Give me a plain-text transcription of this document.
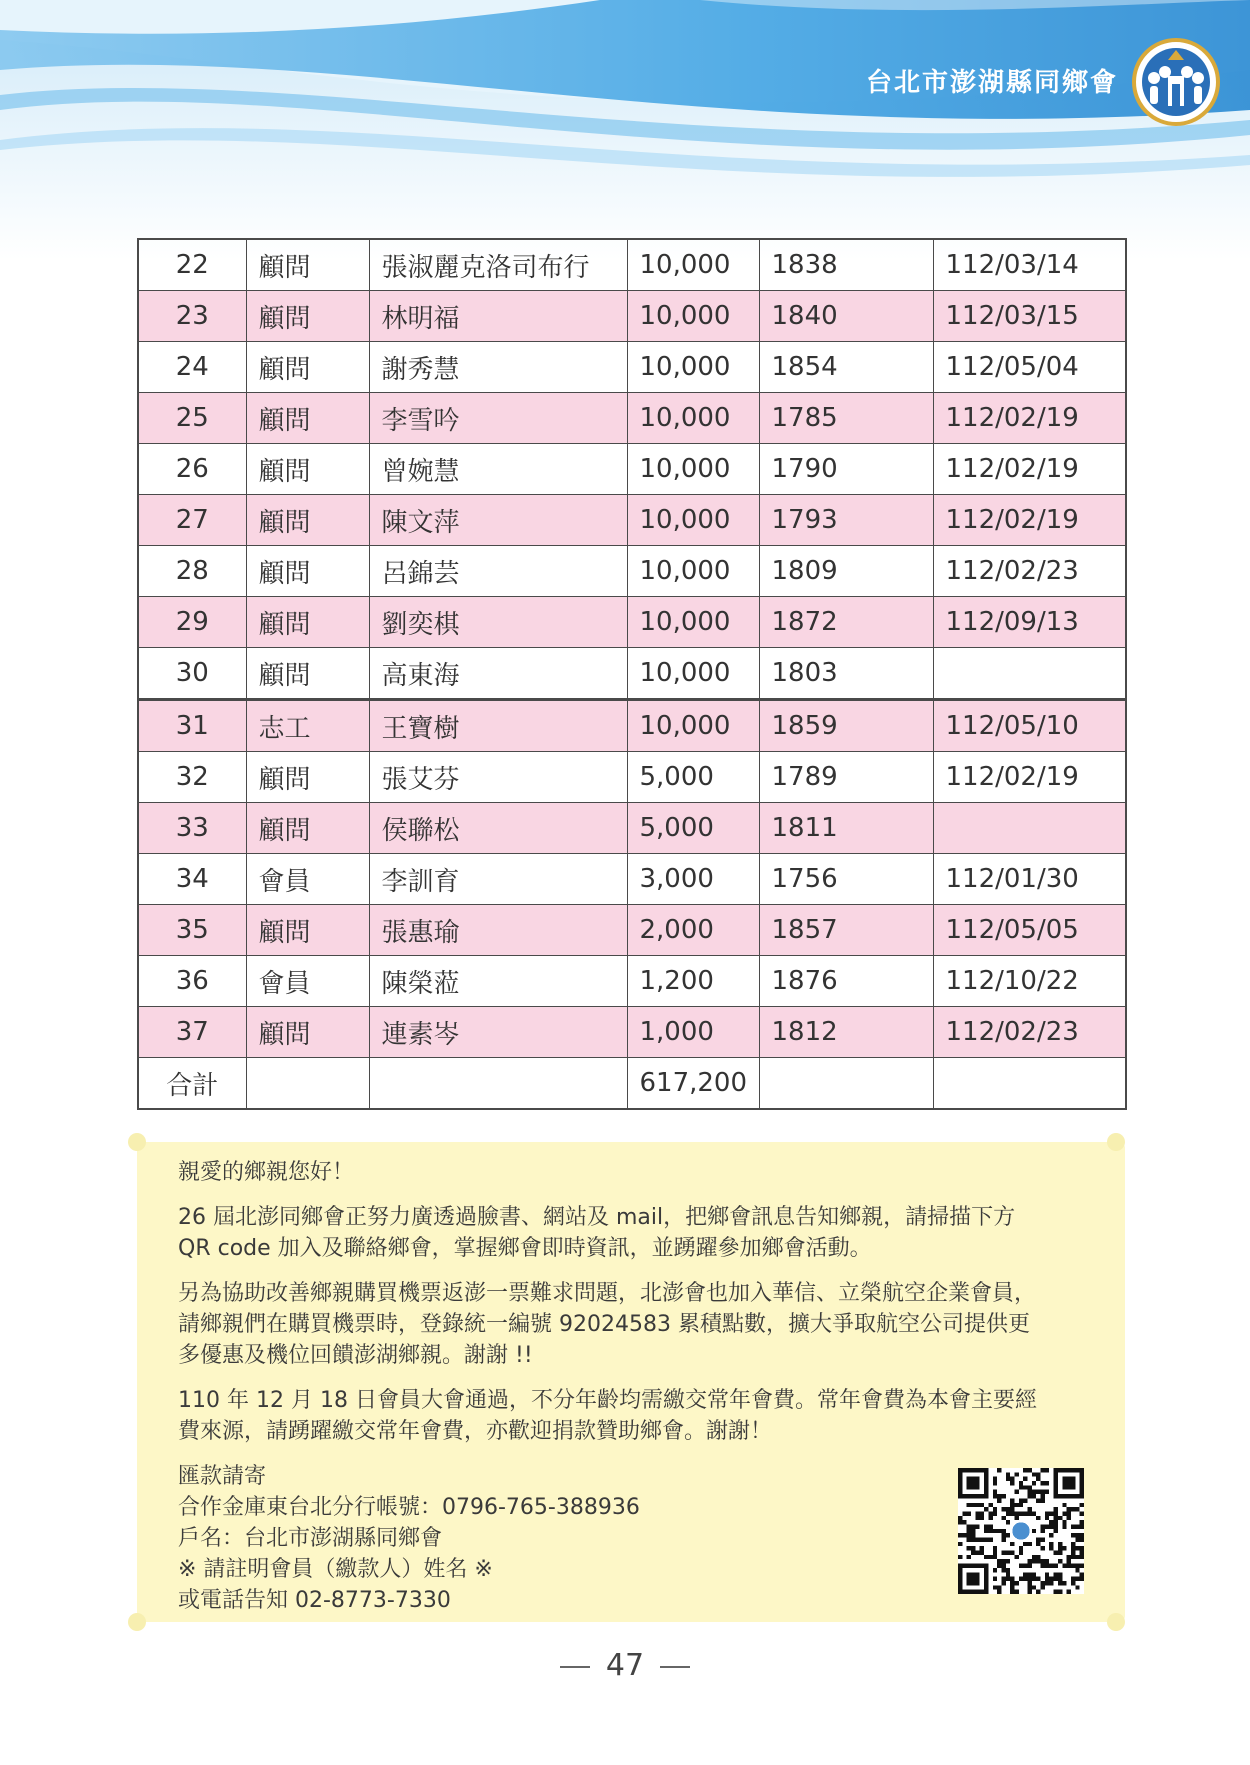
台北市澎湖縣同鄉會
22	顧問	張淑麗克洛司布行	10,000	1838	112/03/14
23	顧問	林明福	10,000	1840	112/03/15
24	顧問	謝秀慧	10,000	1854	112/05/04
25	顧問	李雪吟	10,000	1785	112/02/19
26	顧問	曾婉慧	10,000	1790	112/02/19
27	顧問	陳文萍	10,000	1793	112/02/19
28	顧問	呂錦芸	10,000	1809	112/02/23
29	顧問	劉奕棋	10,000	1872	112/09/13
30	顧問	高東海	10,000	1803	
31	志工	王寶樹	10,000	1859	112/05/10
32	顧問	張艾芬	5,000	1789	112/02/19
33	顧問	侯聯松	5,000	1811	
34	會員	李訓育	3,000	1756	112/01/30
35	顧問	張惠瑜	2,000	1857	112/05/05
36	會員	陳榮蒞	1,200	1876	112/10/22
37	顧問	連素岑	1,000	1812	112/02/23
合計			617,200		

親愛的鄉親您好！

26 屆北澎同鄉會正努力廣透過臉書、網站及 mail，把鄉會訊息告知鄉親，請掃描下方
QR code 加入及聯絡鄉會，掌握鄉會即時資訊，並踴躍參加鄉會活動。

另為協助改善鄉親購買機票返澎一票難求問題，北澎會也加入華信、立榮航空企業會員，
請鄉親們在購買機票時，登錄統一編號 92024583 累積點數，擴大爭取航空公司提供更
多優惠及機位回饋澎湖鄉親。謝謝 !!

110 年 12 月 18 日會員大會通過，不分年齡均需繳交常年會費。常年會費為本會主要經
費來源，請踴躍繳交常年會費，亦歡迎捐款贊助鄉會。謝謝！

匯款請寄
合作金庫東台北分行帳號：0796-765-388936
戶名：台北市澎湖縣同鄉會
※ 請註明會員（繳款人）姓名 ※
或電話告知 02-8773-7330

47
